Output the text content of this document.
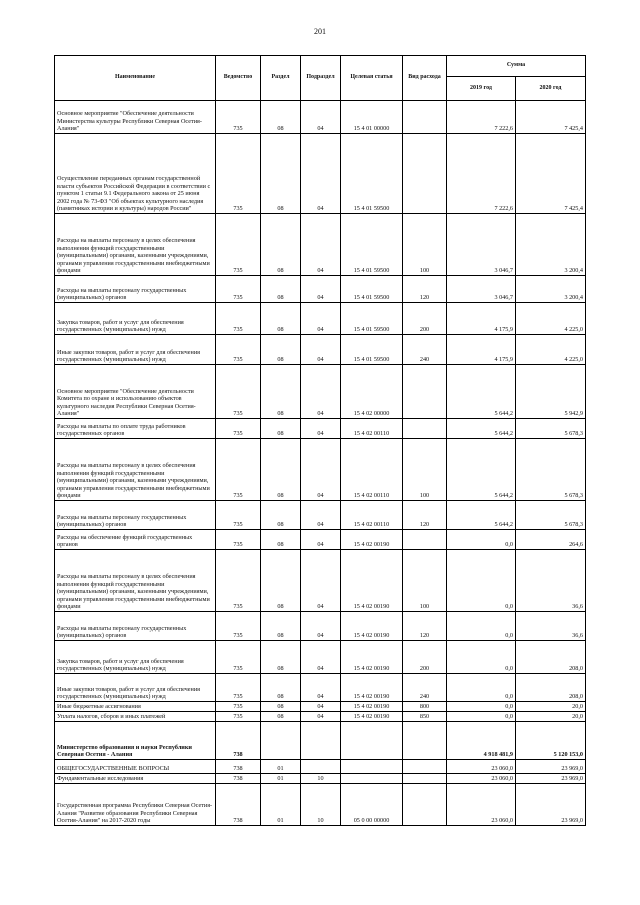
201
Наименование	Ведомство	Раздел	Подраздел	Целевая статья	Вид расхода	Сумма	
						2019 год	2020 год
Основное мероприятие "Обеспечение деятельности Министерства культуры Республики Северная Осетия-Алания"	735	08	04	15 4 01 00000		7 222,6	7 425,4
Осуществление переданных органам государственной власти субъектов Российской Федерации в соответствии с пунктом 1 статьи 9.1 Федерального закона от 25 июня 2002 года № 73-ФЗ "Об объектах культурного наследия (памятниках истории и культуры) народов России"	735	08	04	15 4 01 59500		7 222,6	7 425,4
Расходы на выплаты персоналу в целях обеспечения выполнения функций государственными (муниципальными) органами, казенными учреждениями, органами управления государственными внебюджетными фондами	735	08	04	15 4 01 59500	100	3 046,7	3 200,4
Расходы на выплаты персоналу государственных (муниципальных) органов	735	08	04	15 4 01 59500	120	3 046,7	3 200,4
Закупка товаров, работ и услуг для обеспечения государственных (муниципальных) нужд	735	08	04	15 4 01 59500	200	4 175,9	4 225,0
Иные закупки товаров, работ и услуг для обеспечения государственных (муниципальных) нужд	735	08	04	15 4 01 59500	240	4 175,9	4 225,0
Основное мероприятие "Обеспечение деятельности Комитета по охране и использованию объектов культурного наследия Республики Северная Осетия-Алания"	735	08	04	15 4 02 00000		5 644,2	5 942,9
Расходы на выплаты по оплате труда работников государственных органов	735	08	04	15 4 02 00110		5 644,2	5 678,3
Расходы на выплаты персоналу в целях обеспечения выполнения функций государственными (муниципальными) органами, казенными учреждениями, органами управления государственными внебюджетными фондами	735	08	04	15 4 02 00110	100	5 644,2	5 678,3
Расходы на выплаты персоналу государственных (муниципальных) органов	735	08	04	15 4 02 00110	120	5 644,2	5 678,3
Расходы на обеспечение функций государственных органов	735	08	04	15 4 02 00190		0,0	264,6
Расходы на выплаты персоналу в целях обеспечения выполнения функций государственными (муниципальными) органами, казенными учреждениями, органами управления государственными внебюджетными фондами	735	08	04	15 4 02 00190	100	0,0	36,6
Расходы на выплаты персоналу государственных (муниципальных) органов	735	08	04	15 4 02 00190	120	0,0	36,6
Закупка товаров, работ и услуг для обеспечения государственных (муниципальных) нужд	735	08	04	15 4 02 00190	200	0,0	208,0
Иные закупки товаров, работ и услуг для обеспечения государственных (муниципальных) нужд	735	08	04	15 4 02 00190	240	0,0	208,0
Иные бюджетные ассигнования	735	08	04	15 4 02 00190	800	0,0	20,0
Уплата налогов, сборов и иных платежей	735	08	04	15 4 02 00190	850	0,0	20,0
Министерство образования и науки Республики Северная Осетия - Алания	738					4 918 481,9	5 120 153,0
ОБЩЕГОСУДАРСТВЕННЫЕ ВОПРОСЫ	738	01				23 060,0	23 969,0
Фундаментальные исследования	738	01	10			23 060,0	23 969,0
Государственная программа Республики Северная Осетия-Алания "Развитие образования Республики Северная Осетия-Алания" на 2017-2020 годы	738	01	10	05 0 00 00000		23 060,0	23 969,0
